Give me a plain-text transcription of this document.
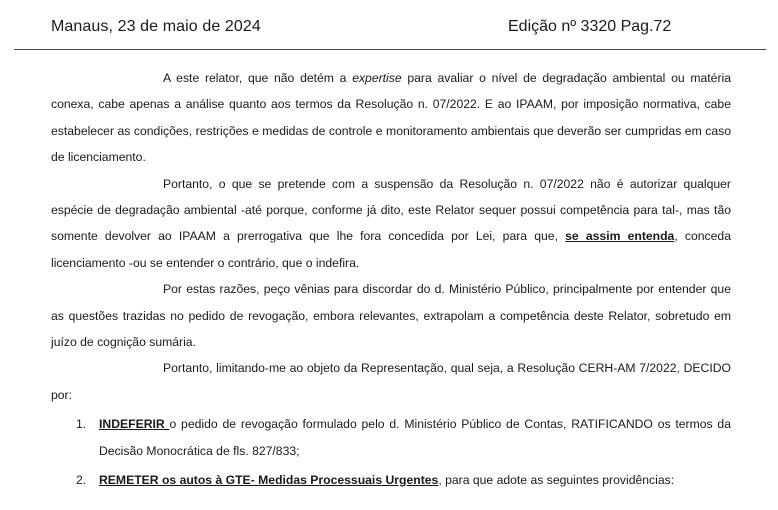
Manaus, 23 de maio de 2024	Edição nº 3320 Pag.72

A este relator, que não detém a expertise para avaliar o nível de degradação ambiental ou matéria conexa, cabe apenas a análise quanto aos termos da Resolução n. 07/2022. E ao IPAAM, por imposição normativa, cabe estabelecer as condições, restrições e medidas de controle e monitoramento ambientais que deverão ser cumpridas em caso de licenciamento.

Portanto, o que se pretende com a suspensão da Resolução n. 07/2022 não é autorizar qualquer espécie de degradação ambiental -até porque, conforme já dito, este Relator sequer possui competência para tal-, mas tão somente devolver ao IPAAM a prerrogativa que lhe fora concedida por Lei, para que, se assim entenda, conceda licenciamento -ou se entender o contrário, que o indefira.

Por estas razões, peço vênias para discordar do d. Ministério Público, principalmente por entender que as questões trazidas no pedido de revogação, embora relevantes, extrapolam a competência deste Relator, sobretudo em juízo de cognição sumária.

Portanto, limitando-me ao objeto da Representação, qual seja, a Resolução CERH-AM 7/2022, DECIDO por:

1. INDEFERIR o pedido de revogação formulado pelo d. Ministério Público de Contas, RATIFICANDO os termos da Decisão Monocrática de fls. 827/833;
2. REMETER os autos à GTE- Medidas Processuais Urgentes, para que adote as seguintes providências:
